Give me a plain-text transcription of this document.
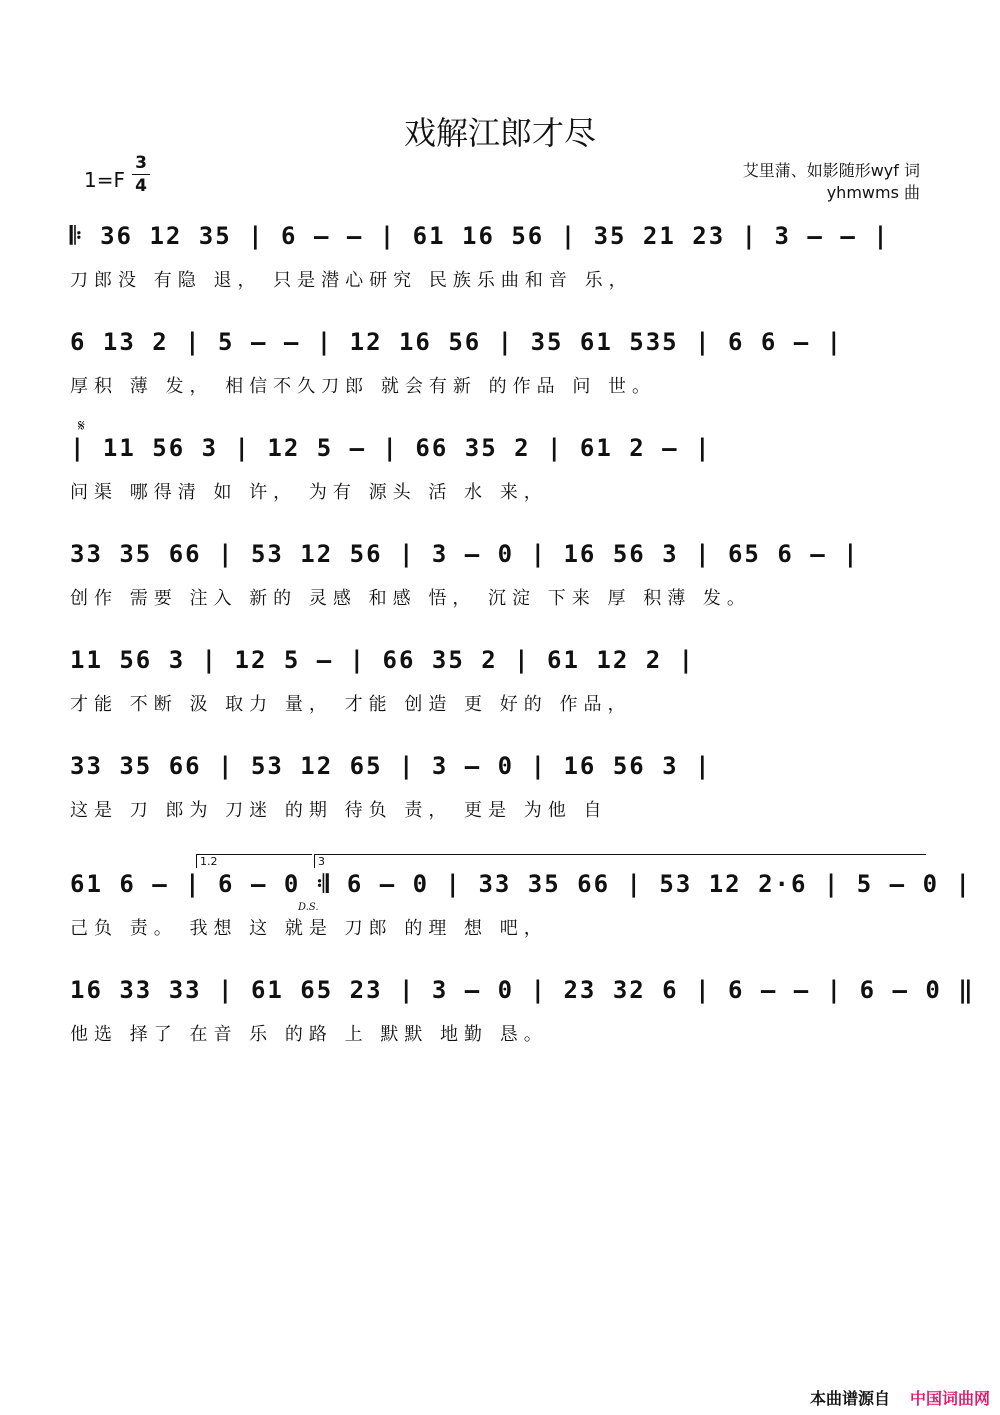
戏解江郎才尽
1=F
3
4
艾里蒲、如影随形wyf 词
yhmwms 曲
𝄋
𝄆 36 12 35 | 6 – – | 61 16 56 | 35 21 23 | 3 – – |
刀郎没 有隐 退， 只是潜心研究 民族乐曲和音 乐，
6 13 2 | 5 – – | 12 16 56 | 35 61 535 | 6 6 – |
厚积 薄 发， 相信不久刀郎 就会有新 的作品 问 世。
| 11 56 3 | 12 5 – | 66 35 2 | 61 2 – |
问渠 哪得清 如 许， 为有 源头 活 水 来，
33 35 66 | 53 12 56 | 3 – 0 | 16 56 3 | 65 6 – |
创作 需要 注入 新的 灵感 和感 悟， 沉淀 下来 厚 积薄 发。
11 56 3 | 12 5 – | 66 35 2 | 61 12 2 |
才能 不断 汲 取力 量， 才能 创造 更 好的 作品，
33 35 66 | 53 12 65 | 3 – 0 | 16 56 3 |
这是 刀 郎为 刀迷 的期 待负 责， 更是 为他 自
61 6 – | 6 – 0 𝄇 6 – 0 | 33 35 66 | 53 12 2·6 | 5 – 0 |
己负 责。 我想 这 就是 刀郎 的理 想 吧，
16 33 33 | 61 65 23 | 3 – 0 | 23 32 6 | 6 – – | 6 – 0 ‖
他选 择了 在音 乐 的路 上 默默 地勤 恳。
1.2	3
D.S.
本曲谱源自 中国词曲网
